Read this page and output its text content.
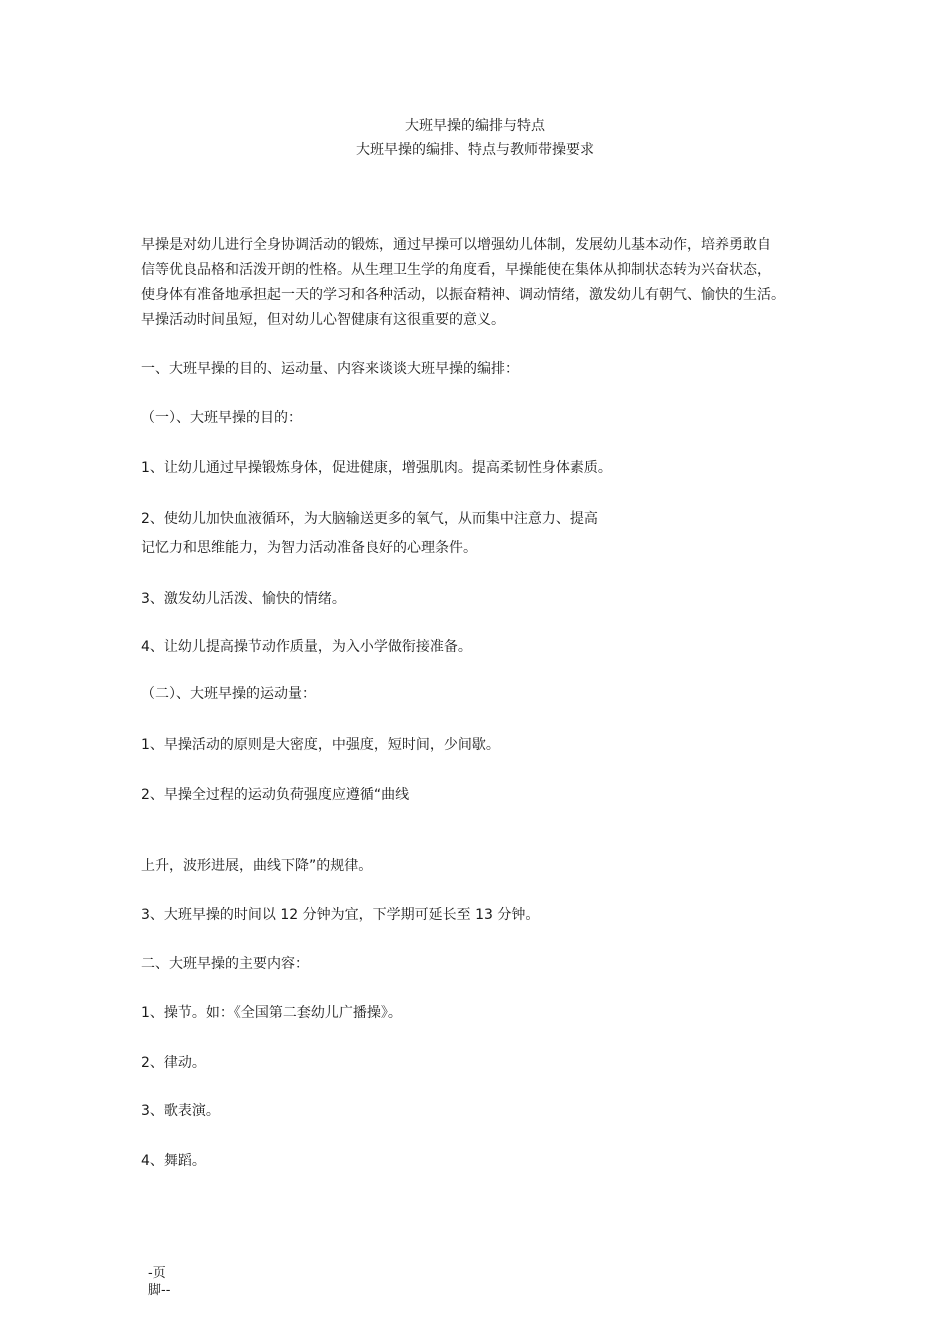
大班早操的编排与特点
大班早操的编排、特点与教师带操要求
早操是对幼儿进行全身协调活动的锻炼，通过早操可以增强幼儿体制，发展幼儿基本动作，培养勇敢自
信等优良品格和活泼开朗的性格。从生理卫生学的角度看，早操能使在集体从抑制状态转为兴奋状态，
使身体有准备地承担起一天的学习和各种活动，以振奋精神、调动情绪，激发幼儿有朝气、愉快的生活。
早操活动时间虽短，但对幼儿心智健康有这很重要的意义。
一、大班早操的目的、运动量、内容来谈谈大班早操的编排：
（一）、大班早操的目的：
1、让幼儿通过早操锻炼身体，促进健康，增强肌肉。提高柔韧性身体素质。
2、使幼儿加快血液循环，为大脑输送更多的氧气，从而集中注意力、提高
记忆力和思维能力，为智力活动准备良好的心理条件。
3、激发幼儿活泼、愉快的情绪。
4、让幼儿提高操节动作质量，为入小学做衔接准备。
（二）、大班早操的运动量：
1、早操活动的原则是大密度，中强度，短时间，少间歇。
2、早操全过程的运动负荷强度应遵循“曲线
上升，波形进展，曲线下降”的规律。
3、大班早操的时间以 12 分钟为宜，下学期可延长至 13 分钟。
二、大班早操的主要内容：
1、操节。如：《全国第二套幼儿广播操》。
2、律动。
3、歌表演。
4、舞蹈。
-页
脚--
